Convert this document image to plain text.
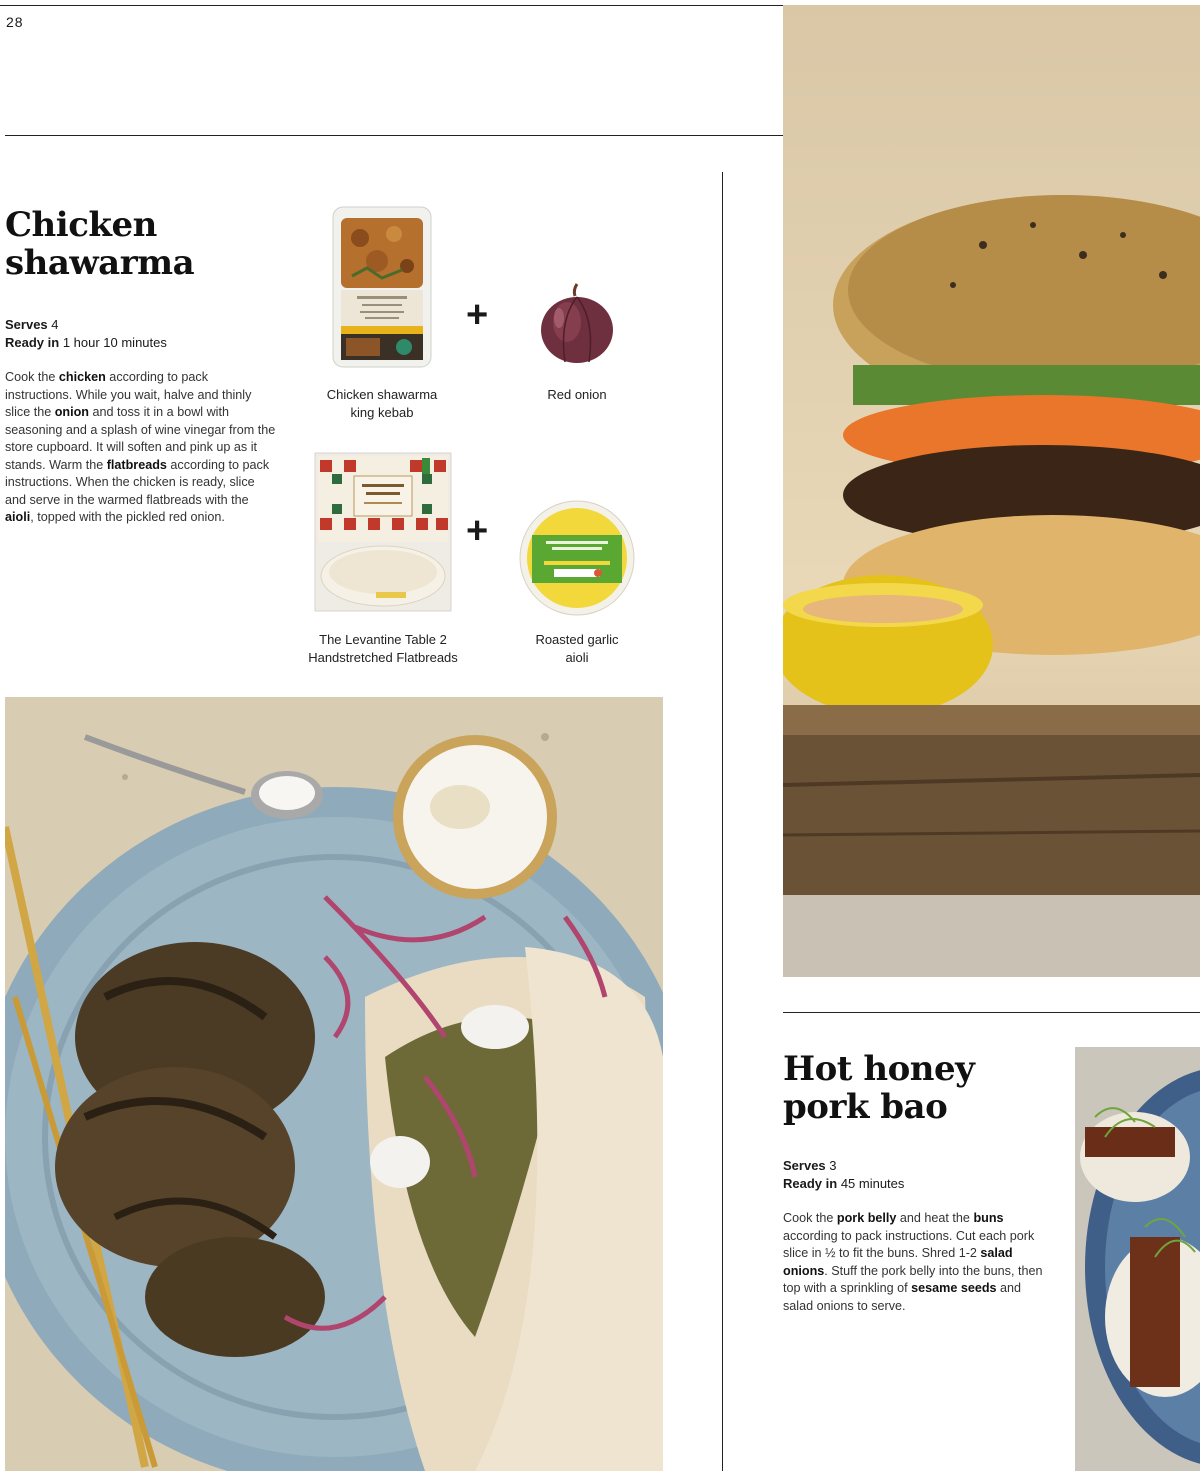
28
Chicken
shawarma
Serves 4
Ready in 1 hour 10 minutes
Cook the chicken according to pack instructions. While you wait, halve and thinly slice the onion and toss it in a bowl with seasoning and a splash of wine vinegar from the store cupboard. It will soften and pink up as it stands. Warm the flatbreads according to pack instructions. When the chicken is ready, slice and serve in the warmed flatbreads with the aioli, topped with the pickled red onion.
Chicken shawarma
king kebab
+
Red onion
The Levantine Table 2
Handstretched Flatbreads
+
Roasted garlic
aioli
Hot honey
pork bao
Serves 3
Ready in 45 minutes
Cook the pork belly and heat the buns according to pack instructions. Cut each pork slice in ½ to fit the buns. Shred 1-2 salad onions. Stuff the pork belly into the buns, then top with a sprinkling of sesame seeds and salad onions to serve.
